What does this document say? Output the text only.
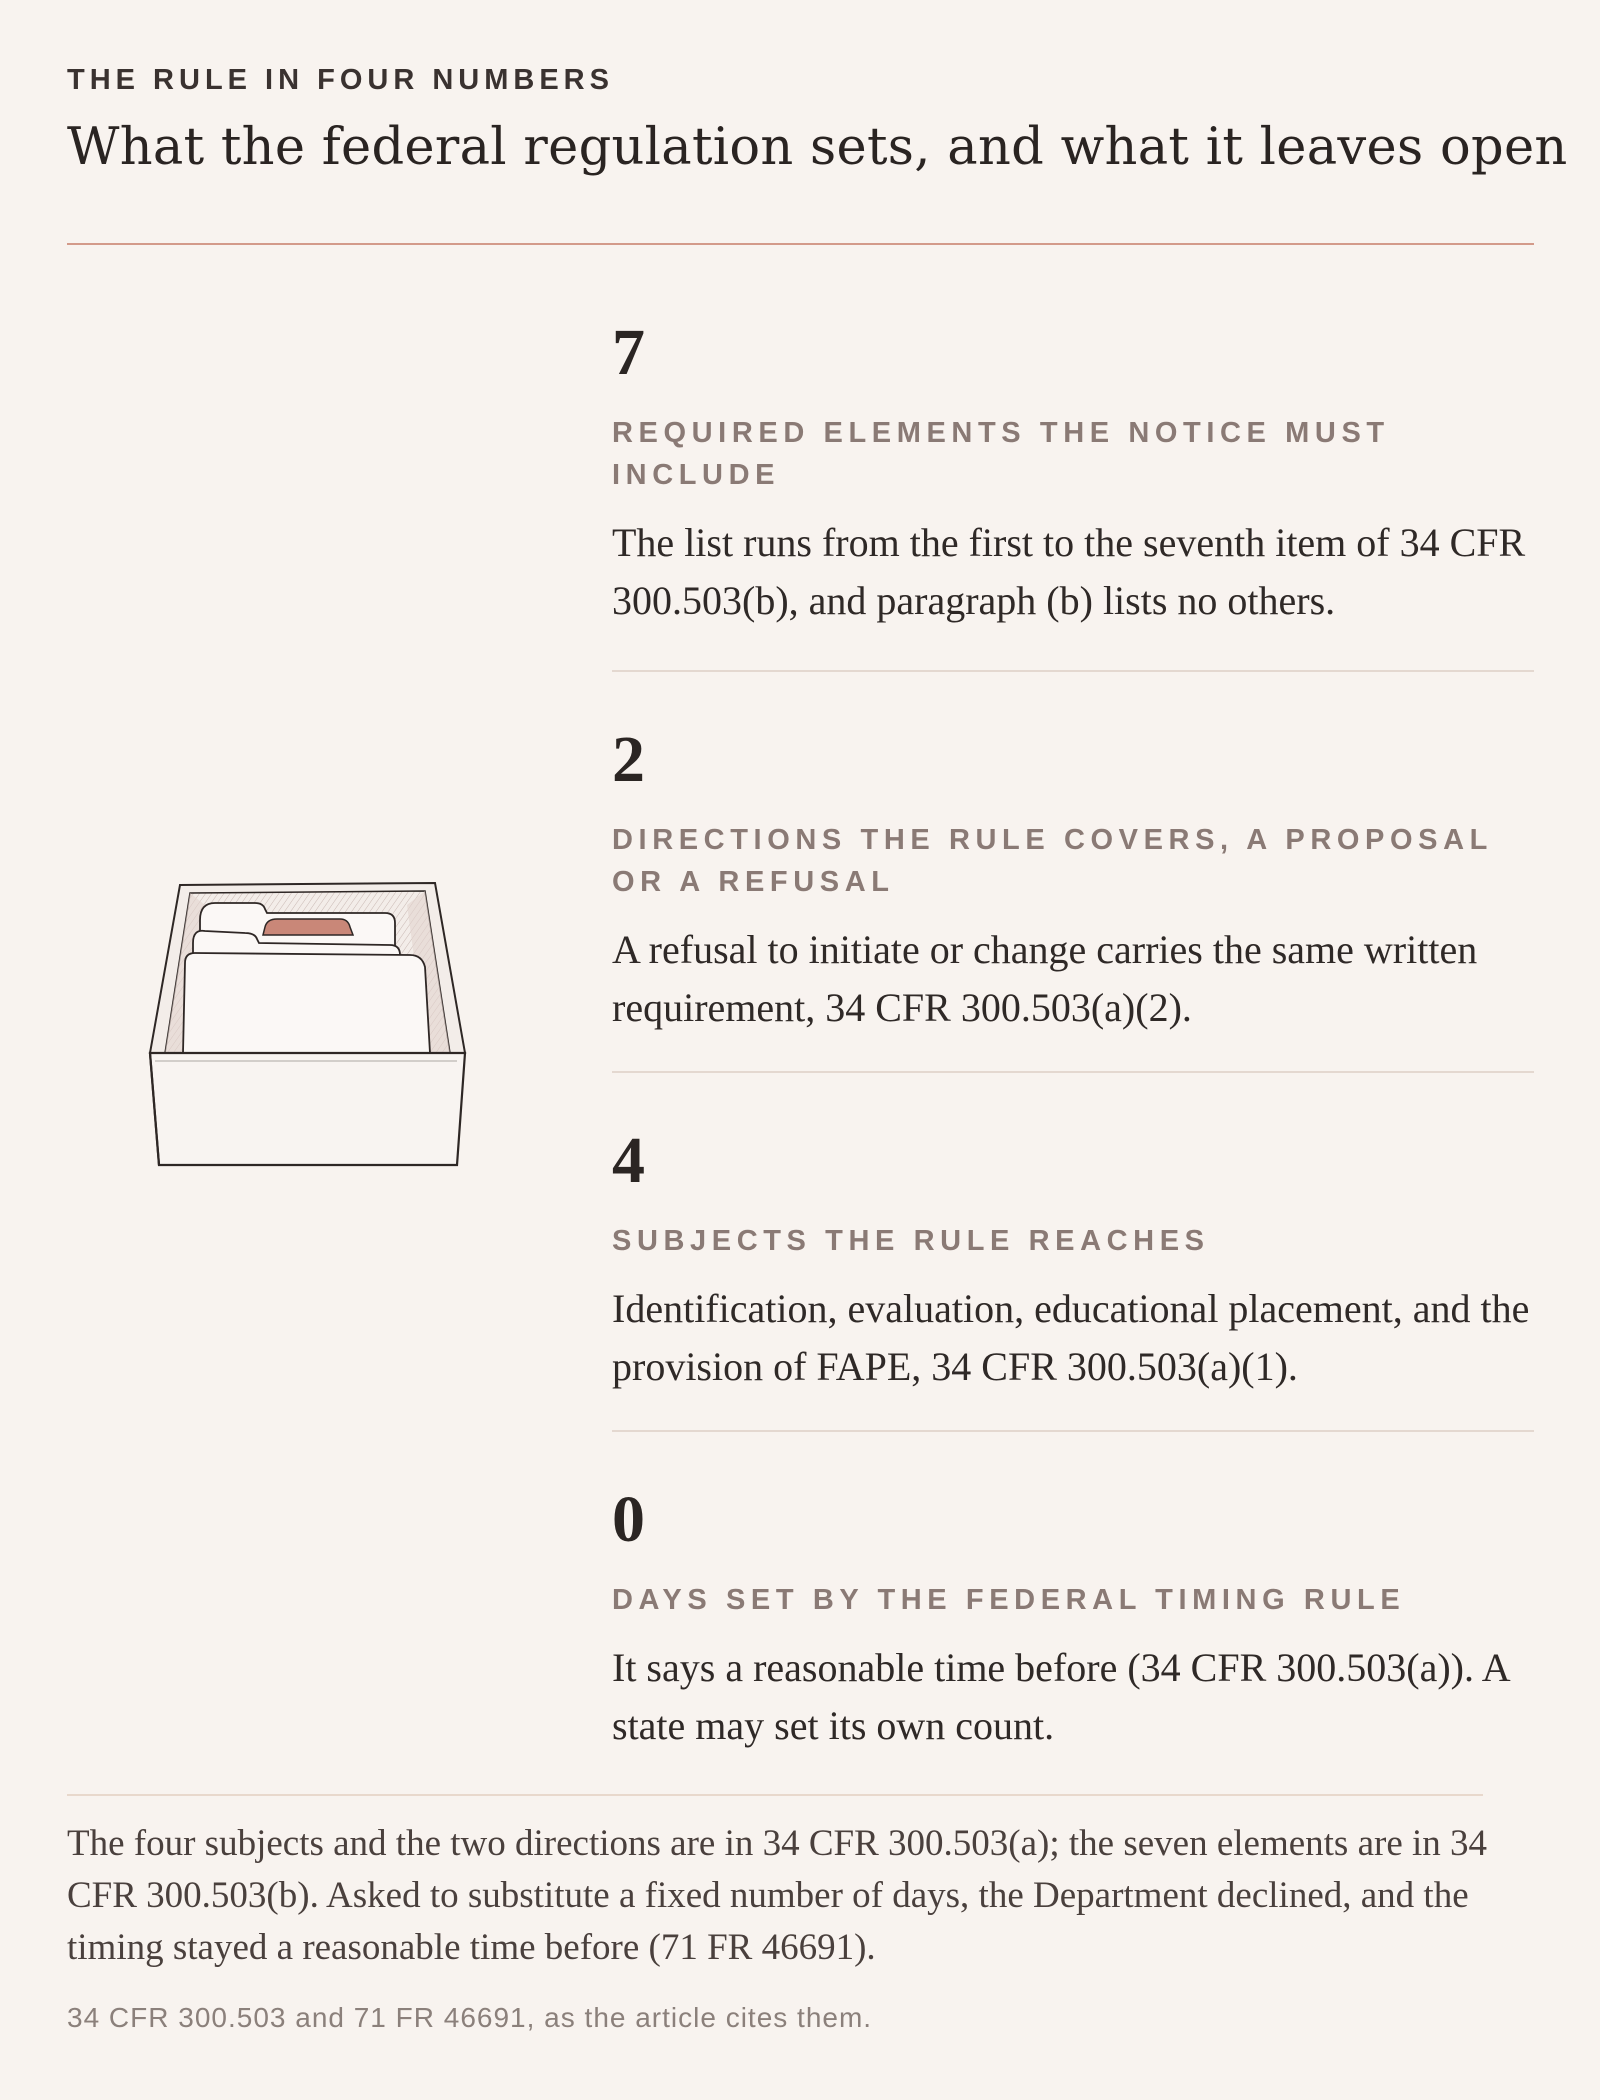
THE RULE IN FOUR NUMBERS

What the federal regulation sets, and what it leaves open

7

REQUIRED ELEMENTS THE NOTICE MUST INCLUDE

The list runs from the first to the seventh item of 34 CFR 300.503(b), and paragraph (b) lists no others.

2

DIRECTIONS THE RULE COVERS, A PROPOSAL OR A REFUSAL

A refusal to initiate or change carries the same written requirement, 34 CFR 300.503(a)(2).

4

SUBJECTS THE RULE REACHES

Identification, evaluation, educational placement, and the provision of FAPE, 34 CFR 300.503(a)(1).

0

DAYS SET BY THE FEDERAL TIMING RULE

It says a reasonable time before (34 CFR 300.503(a)). A state may set its own count.

The four subjects and the two directions are in 34 CFR 300.503(a); the seven elements are in 34 CFR 300.503(b). Asked to substitute a fixed number of days, the Department declined, and the timing stayed a reasonable time before (71 FR 46691).

34 CFR 300.503 and 71 FR 46691, as the article cites them.
